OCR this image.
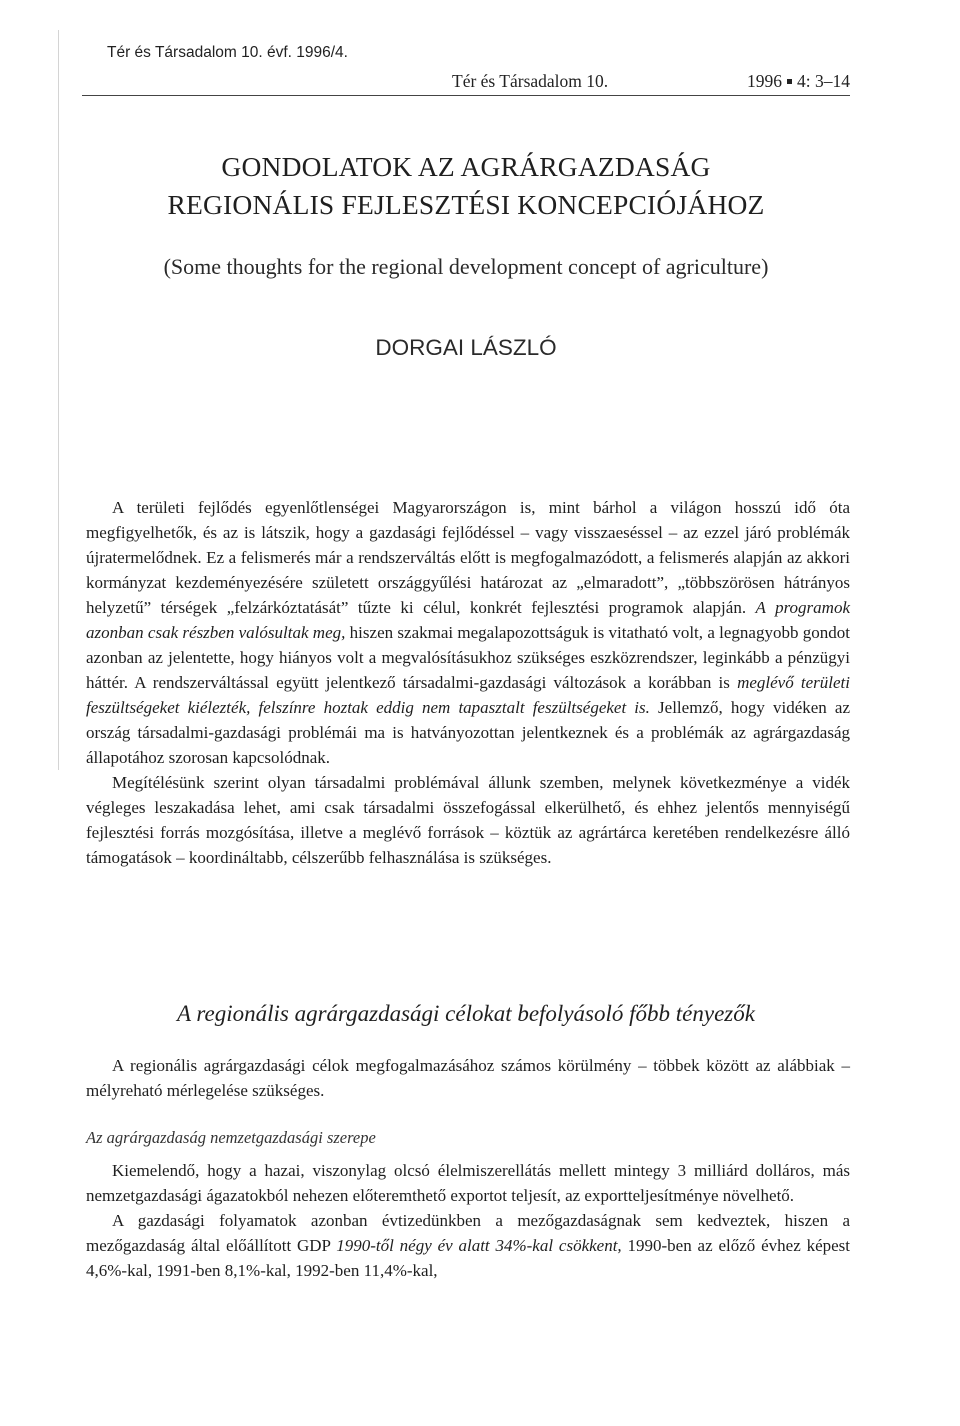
Tér és Társadalom 10. évf. 1996/4.
Tér és Társadalom 10.	1996 4: 3–14
GONDOLATOK AZ AGRÁRGAZDASÁG
REGIONÁLIS FEJLESZTÉSI KONCEPCIÓJÁHOZ
(Some thoughts for the regional development concept of agriculture)
DORGAI LÁSZLÓ

A területi fejlődés egyenlőtlenségei Magyarországon is, mint bárhol a világon hosszú idő óta megfigyelhetők, és az is látszik, hogy a gazdasági fejlődéssel – vagy visszaeséssel – az ezzel járó problémák újratermelődnek. Ez a felismerés már a rendszerváltás előtt is megfogalmazódott, a felismerés alapján az akkori kormányzat kezdeményezésére született országgyűlési határozat az „elmaradott”, „többszörösen hátrányos helyzetű” térségek „felzárkóztatását” tűzte ki célul, konkrét fejlesztési programok alapján. A programok azonban csak részben valósultak meg, hiszen szakmai megalapozottságuk is vitatható volt, a legnagyobb gondot azonban az jelentette, hogy hiányos volt a megvalósításukhoz szükséges eszközrendszer, leginkább a pénzügyi háttér. A rendszerváltással együtt jelentkező társadalmi-gazdasági változások a korábban is meglévő területi feszültségeket kiélezték, felszínre hoztak eddig nem tapasztalt feszültségeket is. Jellemző, hogy vidéken az ország társadalmi-gazdasági problémái ma is hatványozottan jelentkeznek és a problémák az agrárgazdaság állapotához szorosan kapcsolódnak.

Megítélésünk szerint olyan társadalmi problémával állunk szemben, melynek következménye a vidék végleges leszakadása lehet, ami csak társadalmi összefogással elkerülhető, és ehhez jelentős mennyiségű fejlesztési forrás mozgósítása, illetve a meglévő források – köztük az agrártárca keretében rendelkezésre álló támogatások – koordináltabb, célszerűbb felhasználása is szükséges.

A regionális agrárgazdasági célokat befolyásoló főbb tényezők

A regionális agrárgazdasági célok megfogalmazásához számos körülmény – többek között az alábbiak – mélyreható mérlegelése szükséges.

Az agrárgazdaság nemzetgazdasági szerepe

Kiemelendő, hogy a hazai, viszonylag olcsó élelmiszerellátás mellett mintegy 3 milliárd dolláros, más nemzetgazdasági ágazatokból nehezen előteremthető exportot teljesít, az exportteljesítménye növelhető.

A gazdasági folyamatok azonban évtizedünkben a mezőgazdaságnak sem kedveztek, hiszen a mezőgazdaság által előállított GDP 1990-től négy év alatt 34%-kal csökkent, 1990-ben az előző évhez képest 4,6%-kal, 1991-ben 8,1%-kal, 1992-ben 11,4%-kal,
